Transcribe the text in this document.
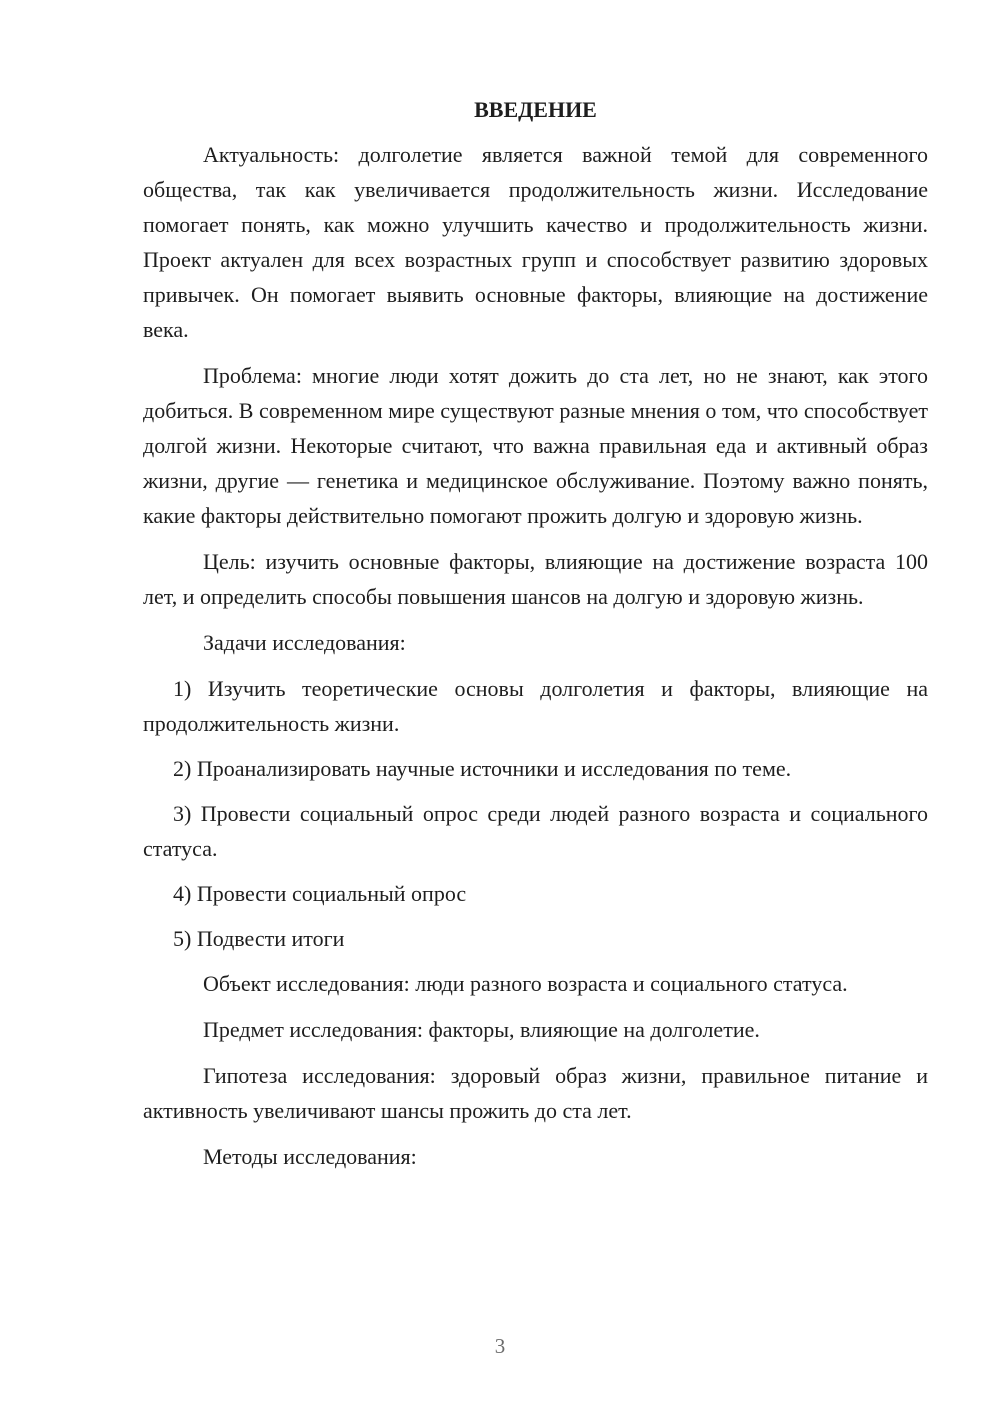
ВВЕДЕНИЕ

Актуальность: долголетие является важной темой для современного общества, так как увеличивается продолжительность жизни. Исследование помогает понять, как можно улучшить качество и продолжительность жизни. Проект актуален для всех возрастных групп и способствует развитию здоровых привычек. Он помогает выявить основные факторы, влияющие на достижение века.

Проблема: многие люди хотят дожить до ста лет, но не знают, как этого добиться. В современном мире существуют разные мнения о том, что способствует долгой жизни. Некоторые считают, что важна правильная еда и активный образ жизни, другие — генетика и медицинское обслуживание. Поэтому важно понять, какие факторы действительно помогают прожить долгую и здоровую жизнь.

Цель: изучить основные факторы, влияющие на достижение возраста 100 лет, и определить способы повышения шансов на долгую и здоровую жизнь.

Задачи исследования:

1) Изучить теоретические основы долголетия и факторы, влияющие на продолжительность жизни.

2) Проанализировать научные источники и исследования по теме.

3) Провести социальный опрос среди людей разного возраста и социального статуса.

4) Провести социальный опрос

5) Подвести итоги

Объект исследования: люди разного возраста и социального статуса.

Предмет исследования: факторы, влияющие на долголетие.

Гипотеза исследования: здоровый образ жизни, правильное питание и активность увеличивают шансы прожить до ста лет.

Методы исследования:

3
